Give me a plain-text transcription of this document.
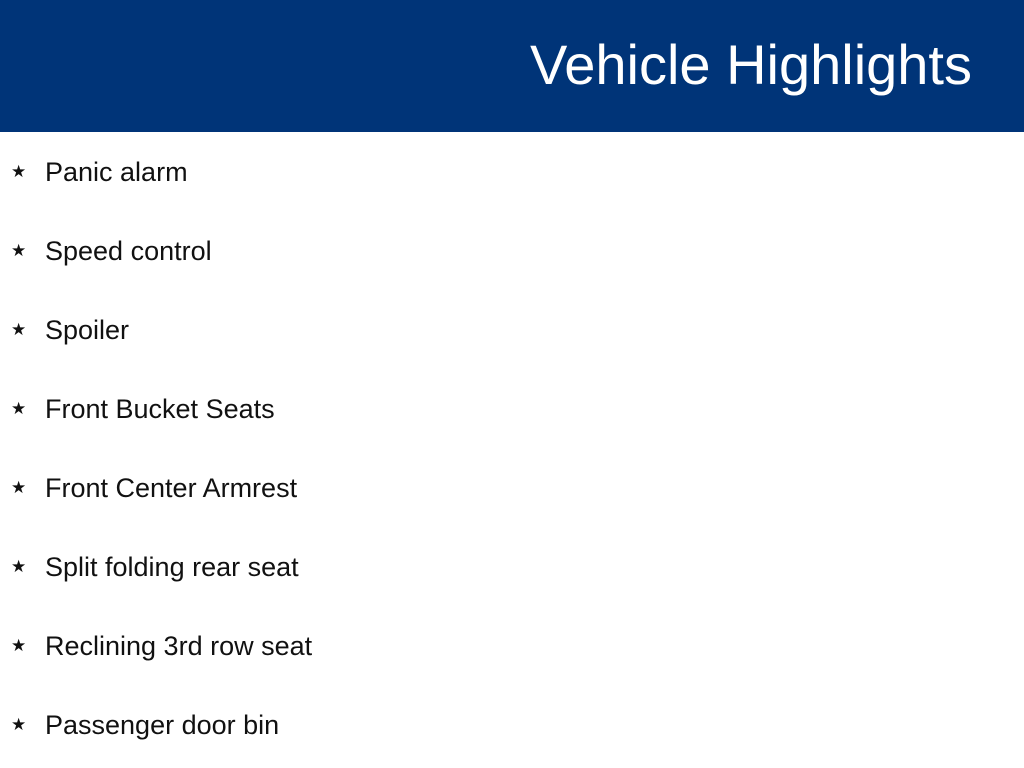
Vehicle Highlights
★ Panic alarm
★ Speed control
★ Spoiler
★ Front Bucket Seats
★ Front Center Armrest
★ Split folding rear seat
★ Reclining 3rd row seat
★ Passenger door bin
